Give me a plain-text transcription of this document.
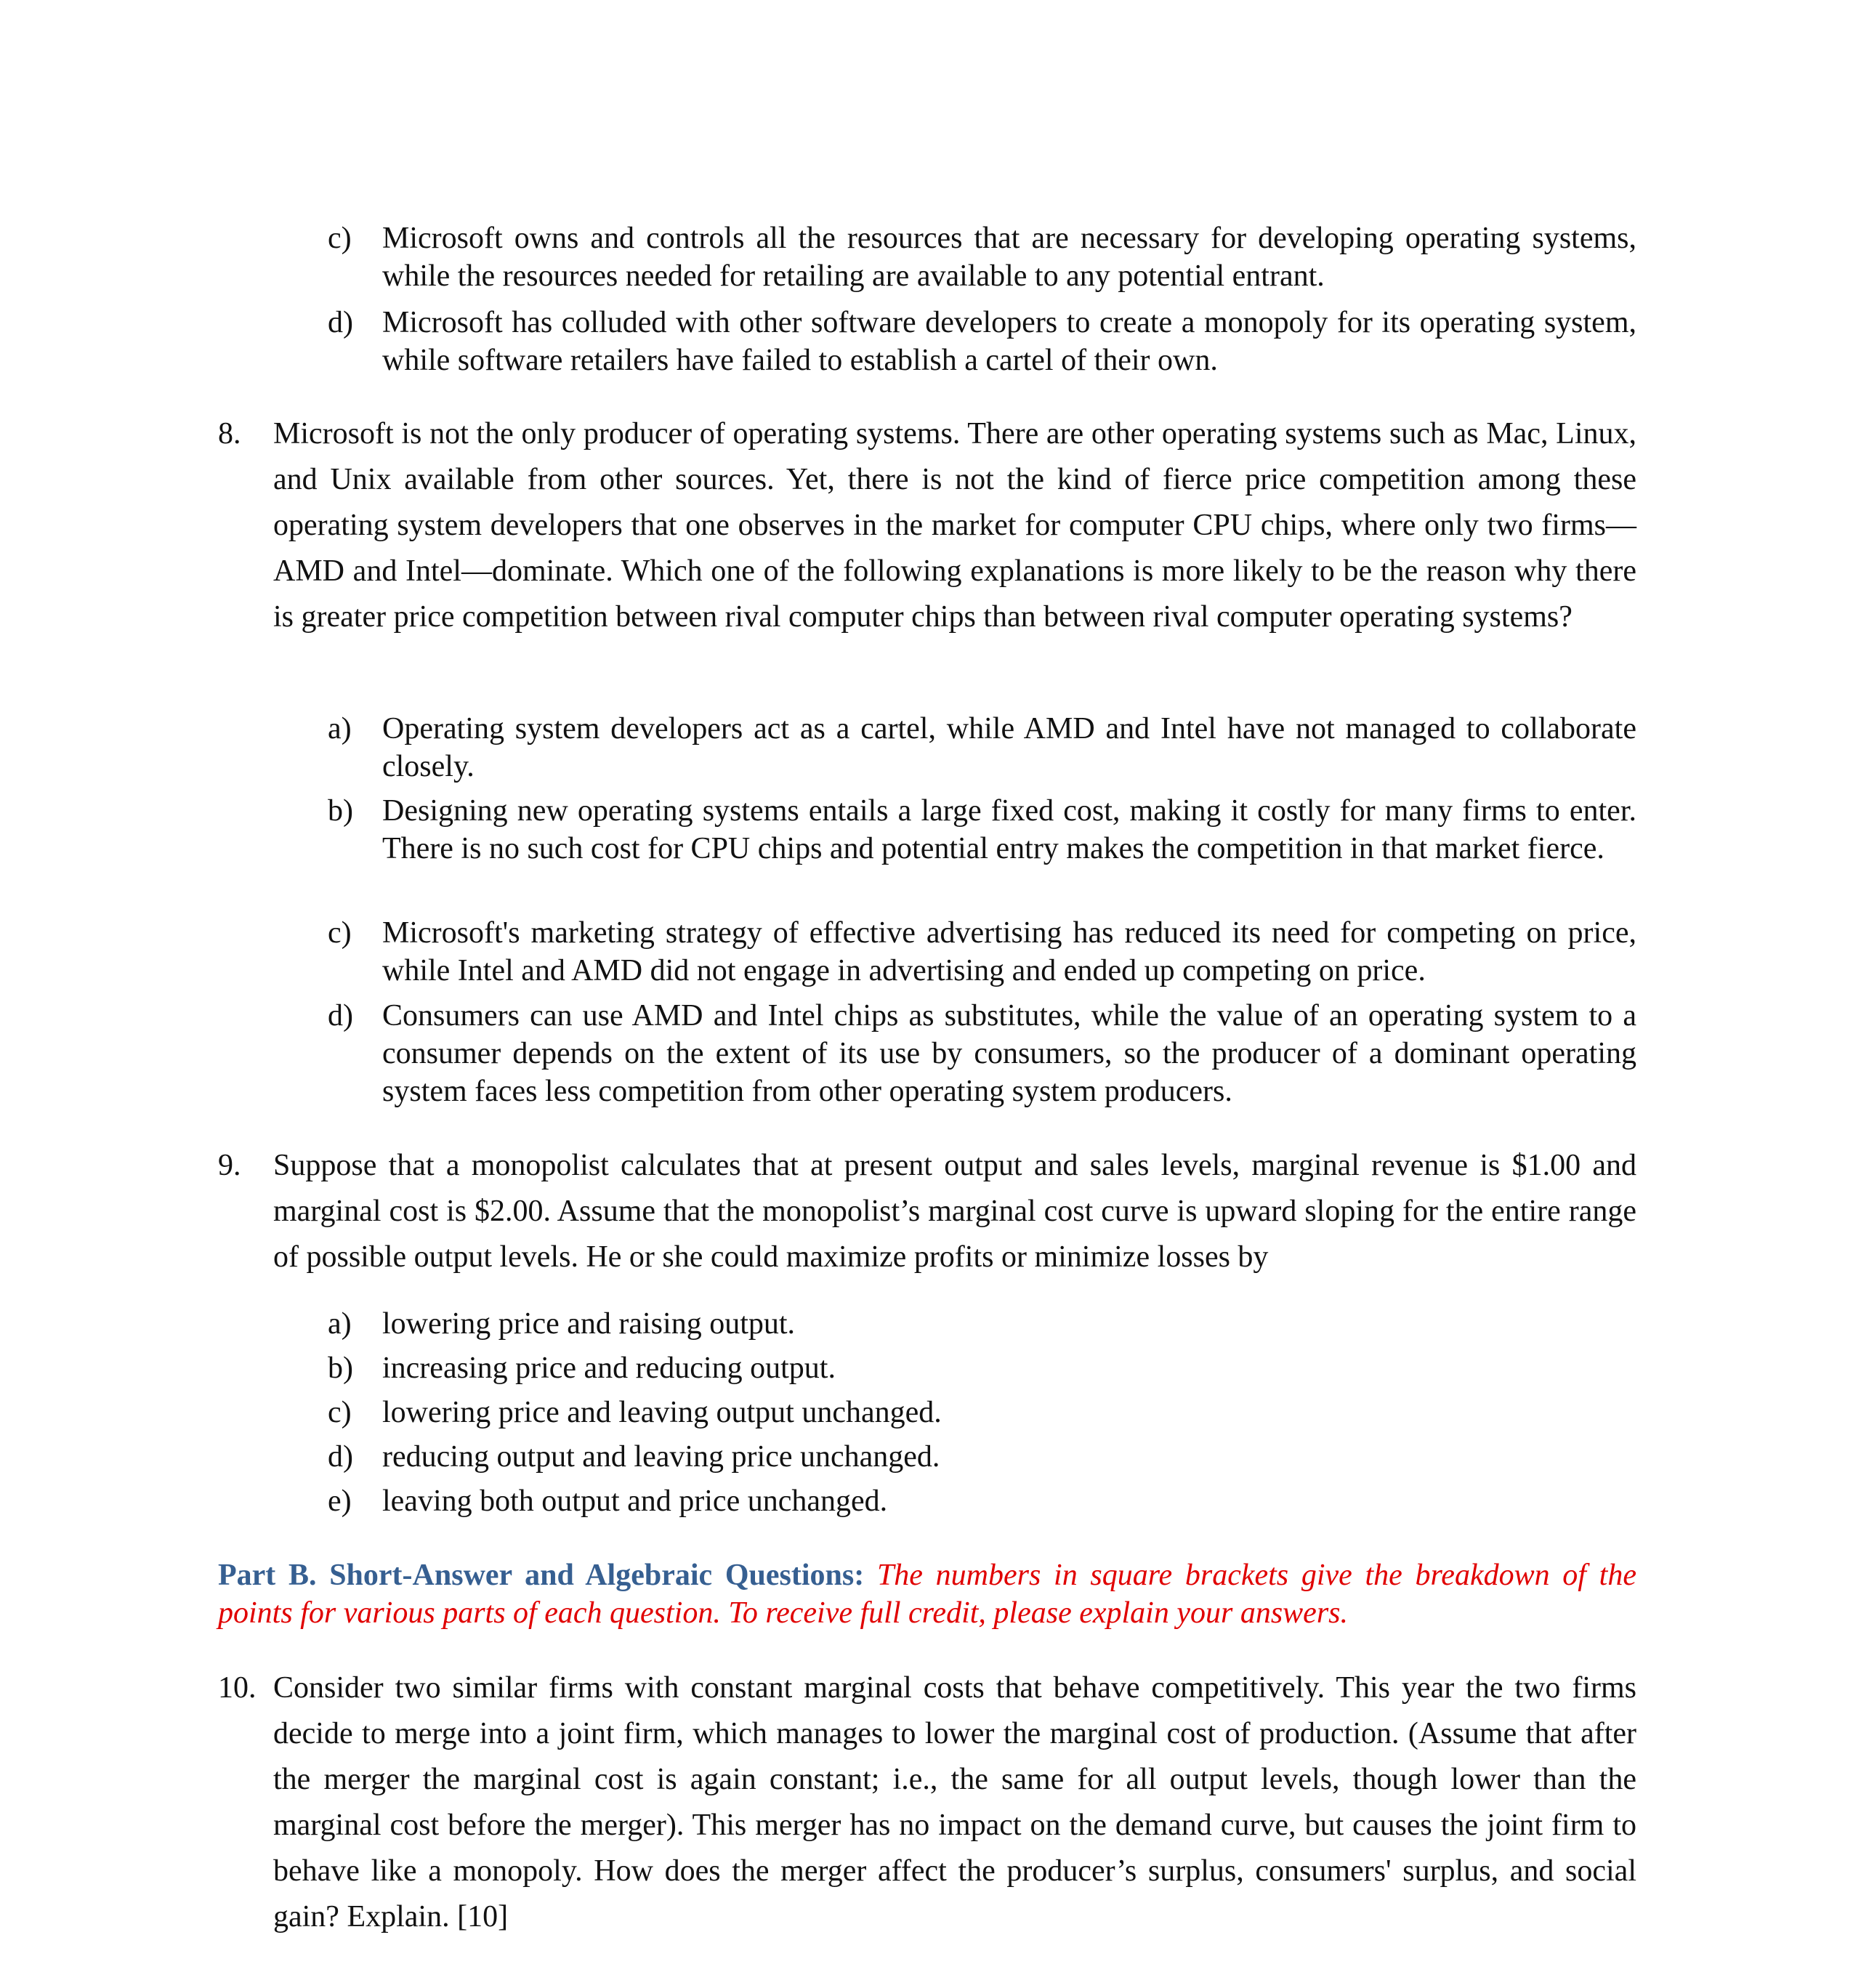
c) Microsoft owns and controls all the resources that are necessary for developing operating systems, while the resources needed for retailing are available to any potential entrant.
d) Microsoft has colluded with other software developers to create a monopoly for its operating system, while software retailers have failed to establish a cartel of their own.
8. Microsoft is not the only producer of operating systems. There are other operating systems such as Mac, Linux, and Unix available from other sources. Yet, there is not the kind of fierce price competition among these operating system developers that one observes in the market for computer CPU chips, where only two firms—AMD and Intel—dominate. Which one of the following explanations is more likely to be the reason why there is greater price competition between rival computer chips than between rival computer operating systems?
a) Operating system developers act as a cartel, while AMD and Intel have not managed to collaborate closely.
b) Designing new operating systems entails a large fixed cost, making it costly for many firms to enter. There is no such cost for CPU chips and potential entry makes the competition in that market fierce.
c) Microsoft's marketing strategy of effective advertising has reduced its need for competing on price, while Intel and AMD did not engage in advertising and ended up competing on price.
d) Consumers can use AMD and Intel chips as substitutes, while the value of an operating system to a consumer depends on the extent of its use by consumers, so the producer of a dominant operating system faces less competition from other operating system producers.
9. Suppose that a monopolist calculates that at present output and sales levels, marginal revenue is $1.00 and marginal cost is $2.00. Assume that the monopolist’s marginal cost curve is upward sloping for the entire range of possible output levels. He or she could maximize profits or minimize losses by
a) lowering price and raising output.
b) increasing price and reducing output.
c) lowering price and leaving output unchanged.
d) reducing output and leaving price unchanged.
e) leaving both output and price unchanged.
Part B. Short-Answer and Algebraic Questions: The numbers in square brackets give the breakdown of the points for various parts of each question. To receive full credit, please explain your answers.
10. Consider two similar firms with constant marginal costs that behave competitively. This year the two firms decide to merge into a joint firm, which manages to lower the marginal cost of production. (Assume that after the merger the marginal cost is again constant; i.e., the same for all output levels, though lower than the marginal cost before the merger). This merger has no impact on the demand curve, but causes the joint firm to behave like a monopoly. How does the merger affect the producer’s surplus, consumers' surplus, and social gain? Explain. [10]
